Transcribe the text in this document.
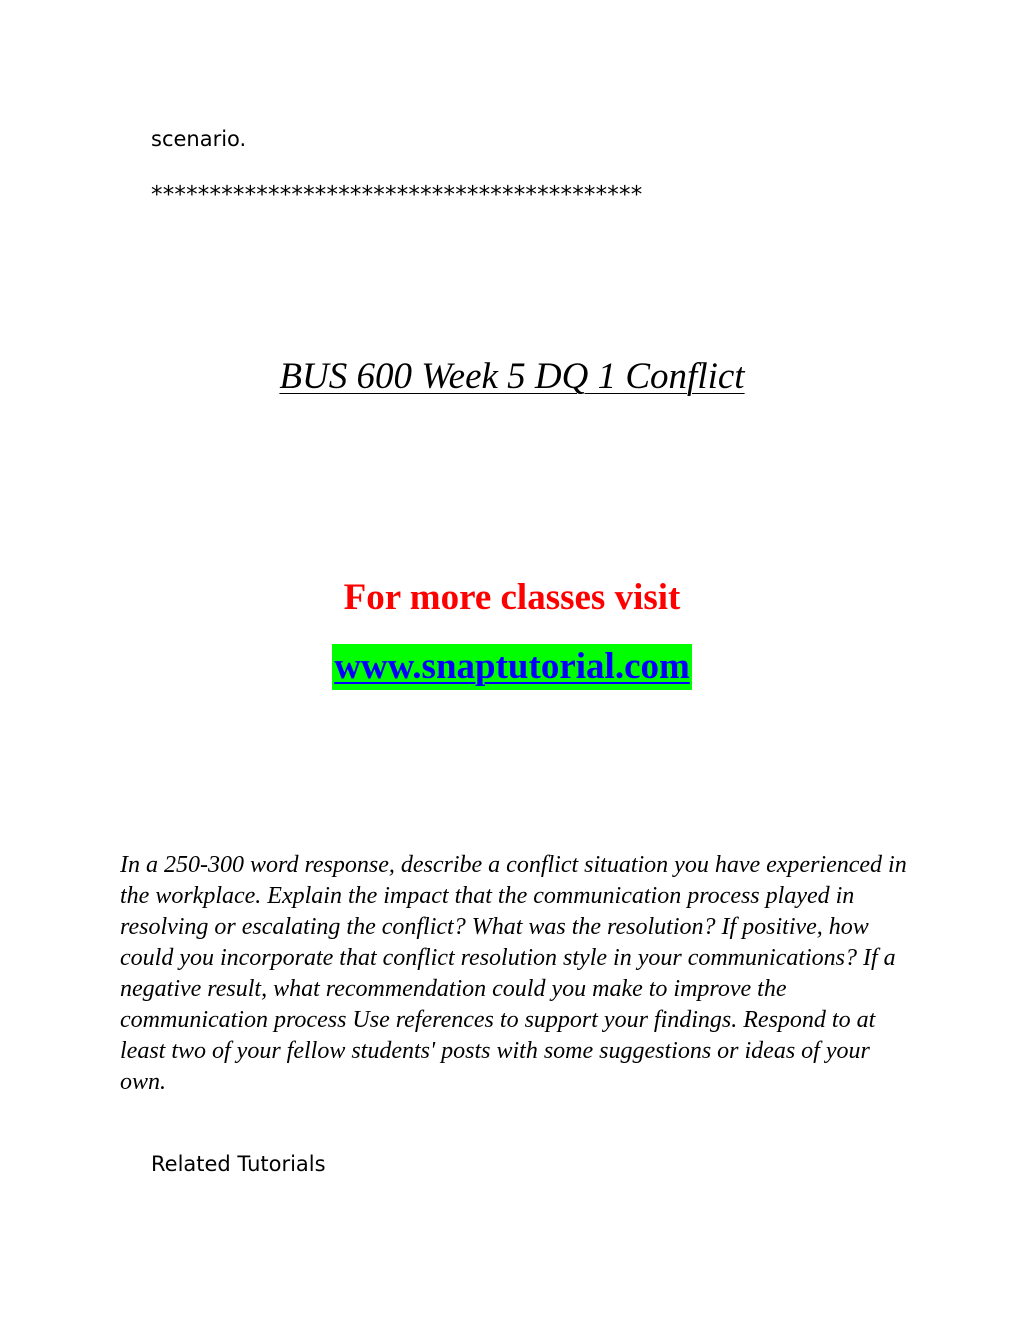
scenario.
******************************************
BUS 600 Week 5 DQ 1 Conflict
For more classes visit
www.snaptutorial.com
In a 250-300 word response, describe a conflict situation you have experienced in the workplace. Explain the impact that the communication process played in resolving or escalating the conflict? What was the resolution? If positive, how could you incorporate that conflict resolution style in your communications? If a negative result, what recommendation could you make to improve the communication process Use references to support your findings. Respond to at least two of your fellow students' posts with some suggestions or ideas of your own.
Related Tutorials
